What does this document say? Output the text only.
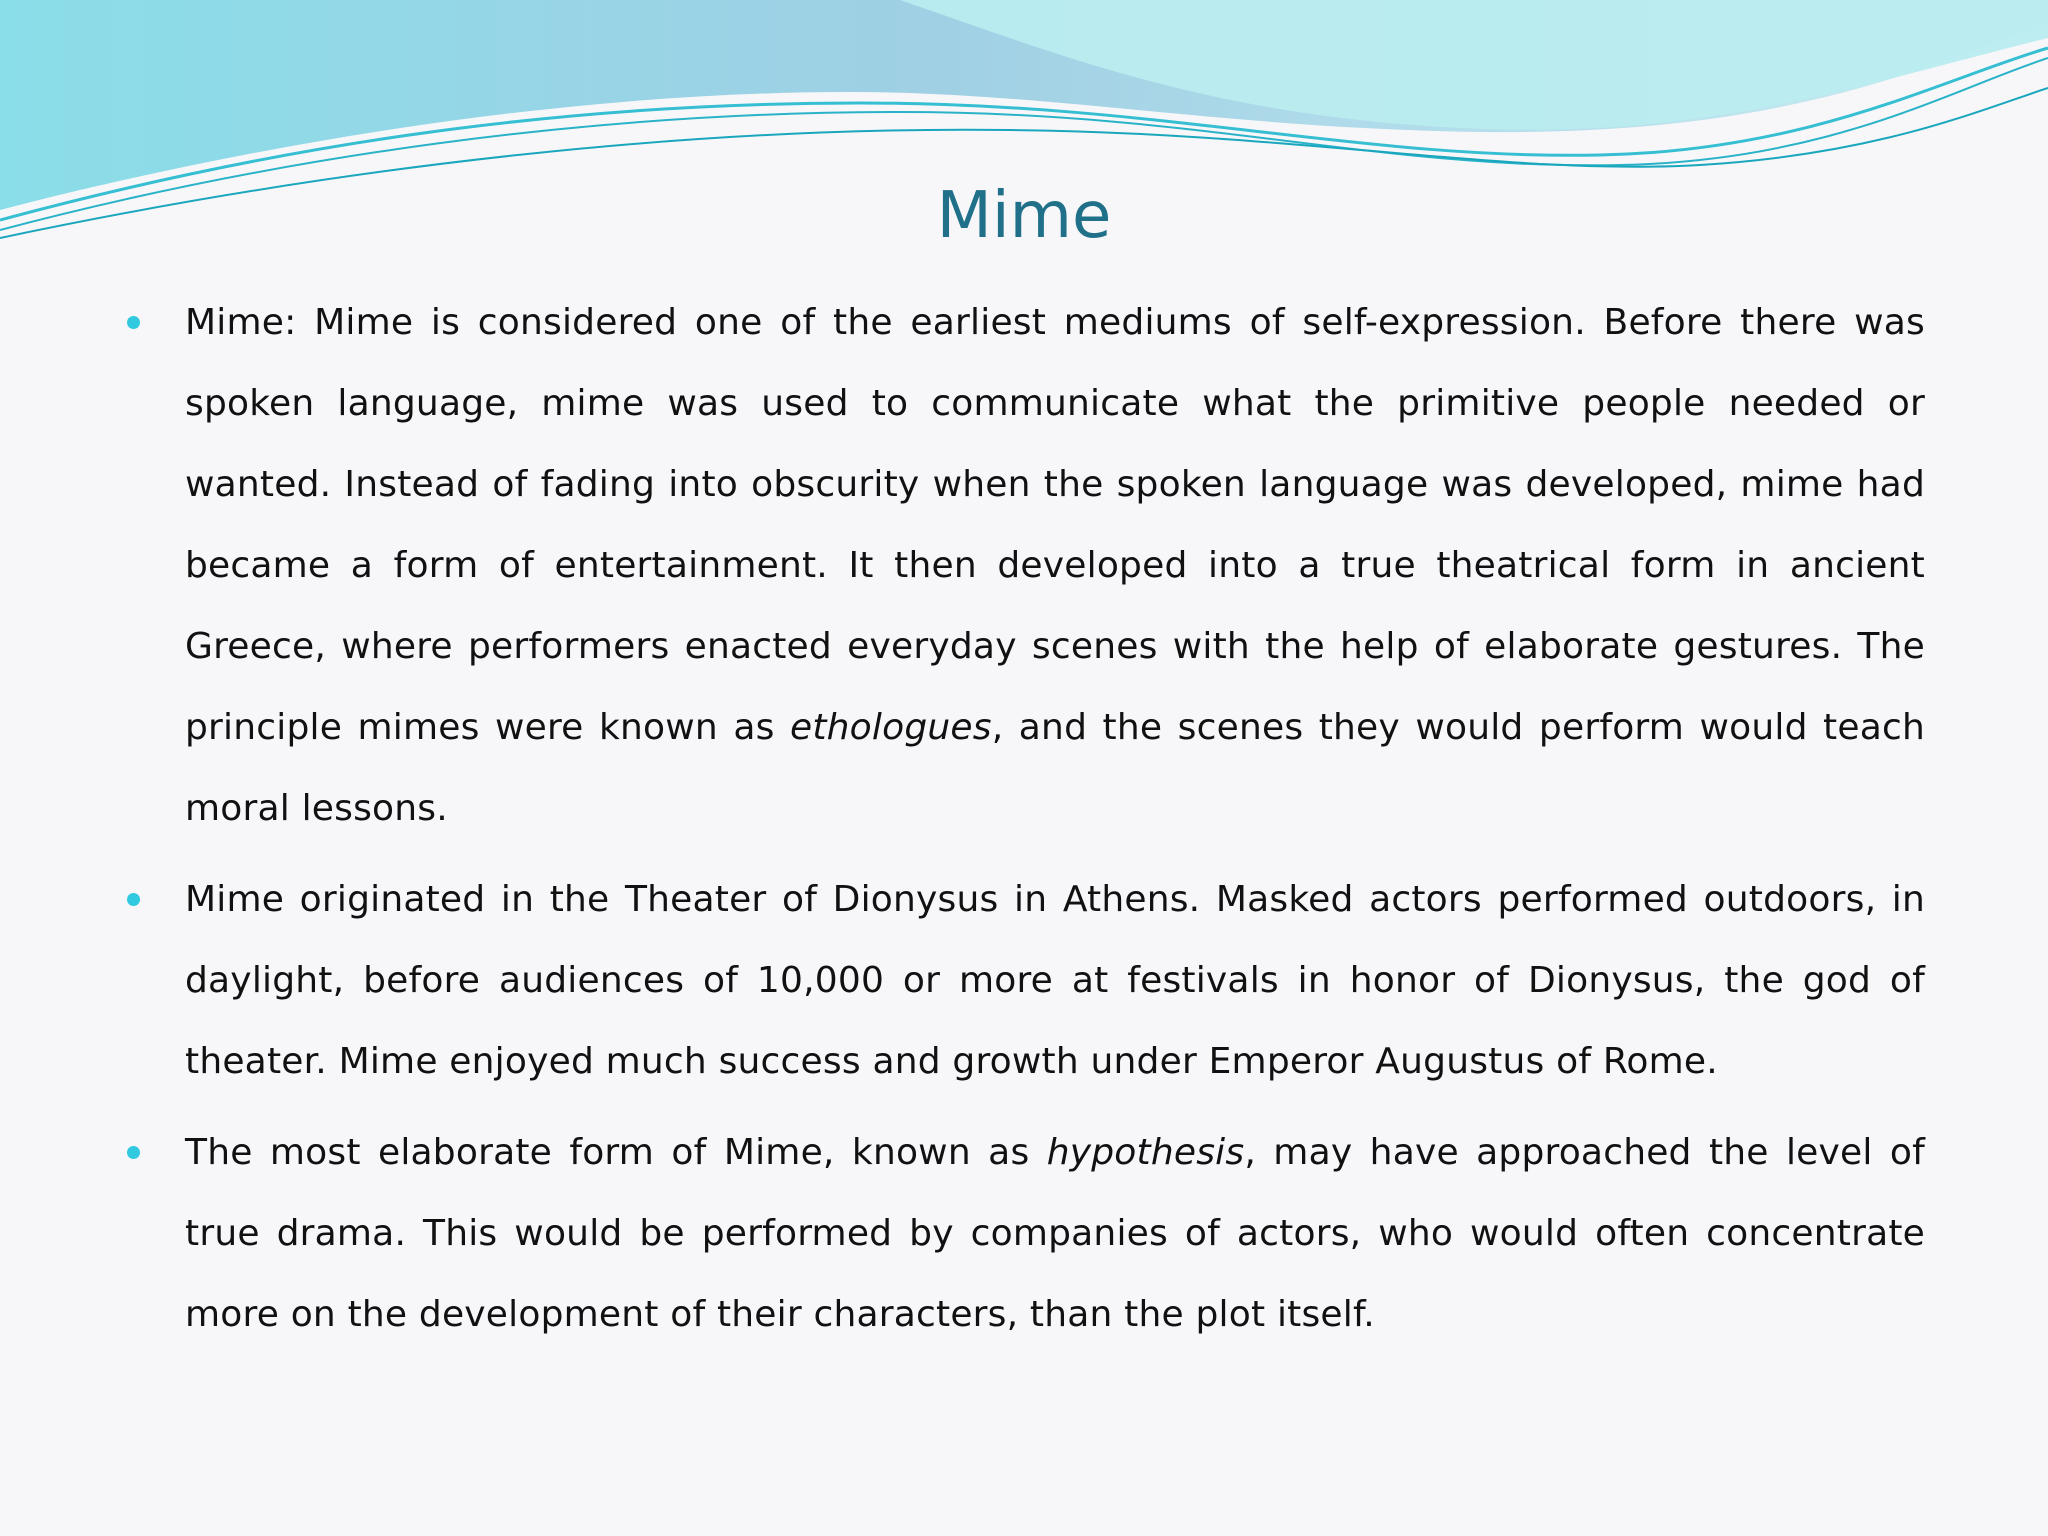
Mime
Mime: Mime is considered one of the earliest mediums of self-expression. Before there was spoken language, mime was used to communicate what the primitive people needed or wanted. Instead of fading into obscurity when the spoken language was developed, mime had became a form of entertainment. It then developed into a true theatrical form in ancient Greece, where performers enacted everyday scenes with the help of elaborate gestures. The principle mimes were known as ethologues, and the scenes they would perform would teach moral lessons.
Mime originated in the Theater of Dionysus in Athens. Masked actors performed outdoors, in daylight, before audiences of 10,000 or more at festivals in honor of Dionysus, the god of theater. Mime enjoyed much success and growth under Emperor Augustus of Rome.
The most elaborate form of Mime, known as hypothesis, may have approached the level of true drama. This would be performed by companies of actors, who would often concentrate more on the development of their characters, than the plot itself.
